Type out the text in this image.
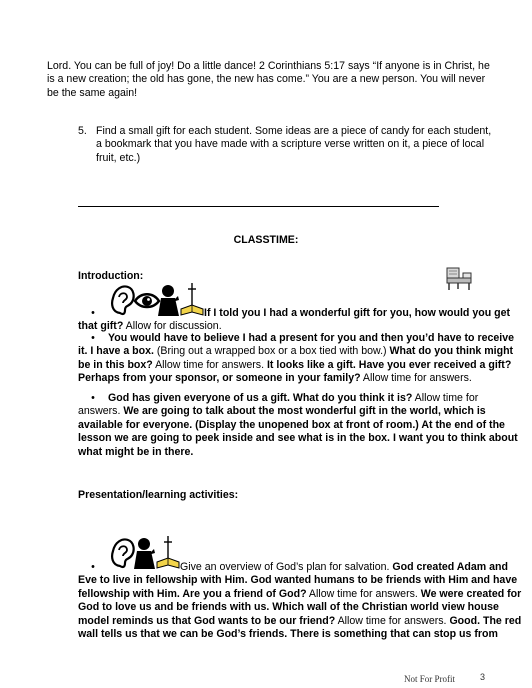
Lord. You can be full of joy! Do a little dance! 2 Corinthians 5:17 says “If anyone is in Christ, he is a new creation; the old has gone, the new has come.” You are a new person. You will never be the same again!

5. Find a small gift for each student. Some ideas are a piece of candy for each student, a bookmark that you have made with a scripture verse written on it, a piece of local fruit, etc.)
CLASSTIME:
Introduction:

•	If I told you I had a wonderful gift for you, how would you get that gift? Allow for discussion.

• You would have to believe I had a present for you and then you’d have to receive it. I have a box. (Bring out a wrapped box or a box tied with bow.) What do you think might be in this box? Allow time for answers. It looks like a gift. Have you ever received a gift? Perhaps from your sponsor, or someone in your family? Allow time for answers.

• God has given everyone of us a gift. What do you think it is? Allow time for answers. We are going to talk about the most wonderful gift in the world, which is available for everyone. (Display the unopened box at front of room.) At the end of the lesson we are going to peek inside and see what is in the box. I want you to think about what might be in there.

Presentation/learning activities:

•	Give an overview of God’s plan for salvation. God created Adam and Eve to live in fellowship with Him. God wanted humans to be friends with Him and have fellowship with Him. Are you a friend of God? Allow time for answers. We were created for God to love us and be friends with us. Which wall of the Christian world view house model reminds us that God wants to be our friend? Allow time for answers. Good. The red wall tells us that we can be God’s friends. There is something that can stop us from

Not For Profit	3
